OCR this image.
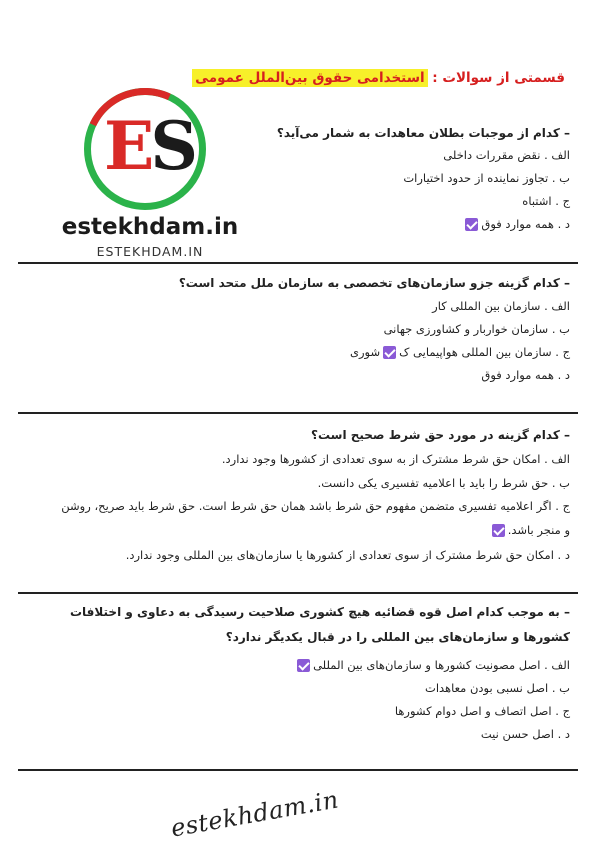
قسمتی از سوالات : استخدامی حقوق بین‌الملل عمومی
ES
estekhdam.in
ESTEKHDAM.IN
– کدام از موجبات بطلان معاهدات به شمار می‌آید؟
الف . نقض مقررات داخلی
ب . تجاوز نماینده از حدود اختیارات
ج . اشتباه
د . همه موارد فوق
– کدام گزینه جزو سازمان‌های تخصصی به سازمان ملل متحد است؟
الف . سازمان بین المللی کار
ب . سازمان خواربار و کشاورزی جهانی
ج . سازمان بین المللی هواپیمایی کشوری
د . همه موارد فوق
– کدام گزینه در مورد حق شرط صحیح است؟
الف . امکان حق شرط مشترک از به سوی تعدادی از کشورها وجود ندارد.
ب . حق شرط را باید با اعلامیه تفسیری یکی دانست.
ج . اگر اعلامیه تفسیری متضمن مفهوم حق شرط باشد همان حق شرط است. حق شرط باید صریح، روشن و منجر باشد.
د . امکان حق شرط مشترک از سوی تعدادی از کشورها یا سازمان‌های بین المللی وجود ندارد.
– به موجب کدام اصل قوه قضائیه هیچ کشوری صلاحیت رسیدگی به دعاوی و اختلافات کشورها و سازمان‌های بین المللی را در قبال یکدیگر ندارد؟
الف . اصل مصونیت کشورها و سازمان‌های بین المللی
ب . اصل نسبی بودن معاهدات
ج . اصل اتصاف و اصل دوام کشورها
د . اصل حسن نیت
estekhdam.in
